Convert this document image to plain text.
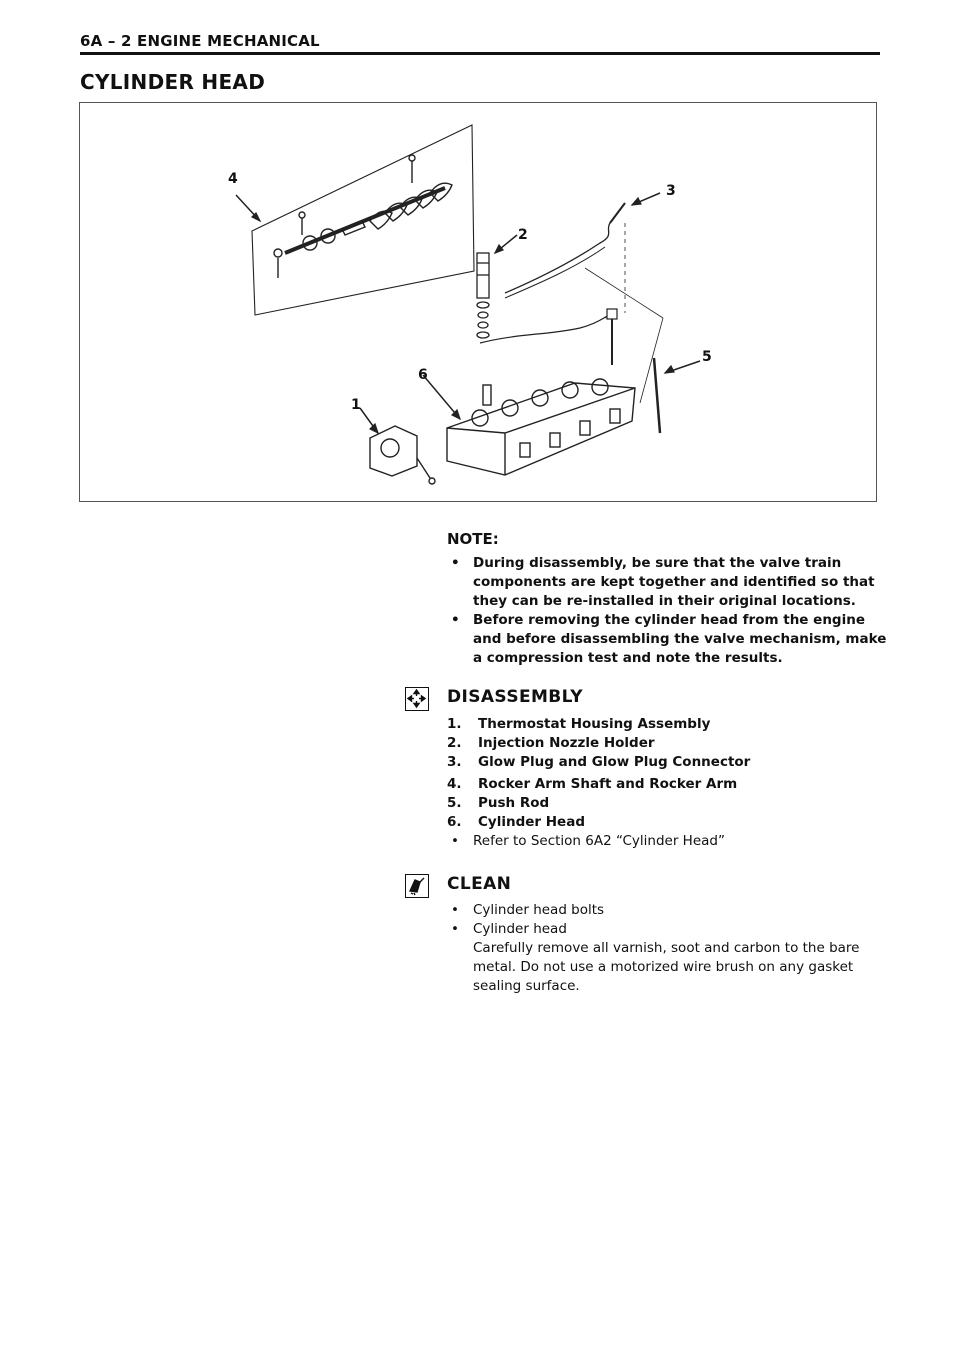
6A – 2 ENGINE MECHANICAL
CYLINDER HEAD
4
3
2
5
6
1
NOTE:
• During disassembly, be sure that the valve train components are kept together and identified so that they can be re-installed in their original locations.
• Before removing the cylinder head from the engine and before disassembling the valve mechanism, make a compression test and note the results.
DISASSEMBLY
1. Thermostat Housing Assembly
2. Injection Nozzle Holder
3. Glow Plug and Glow Plug Connector
4. Rocker Arm Shaft and Rocker Arm
5. Push Rod
6. Cylinder Head
• Refer to Section 6A2 “Cylinder Head”
CLEAN
• Cylinder head bolts
• Cylinder head
Carefully remove all varnish, soot and carbon to the bare metal. Do not use a motorized wire brush on any gasket sealing surface.
